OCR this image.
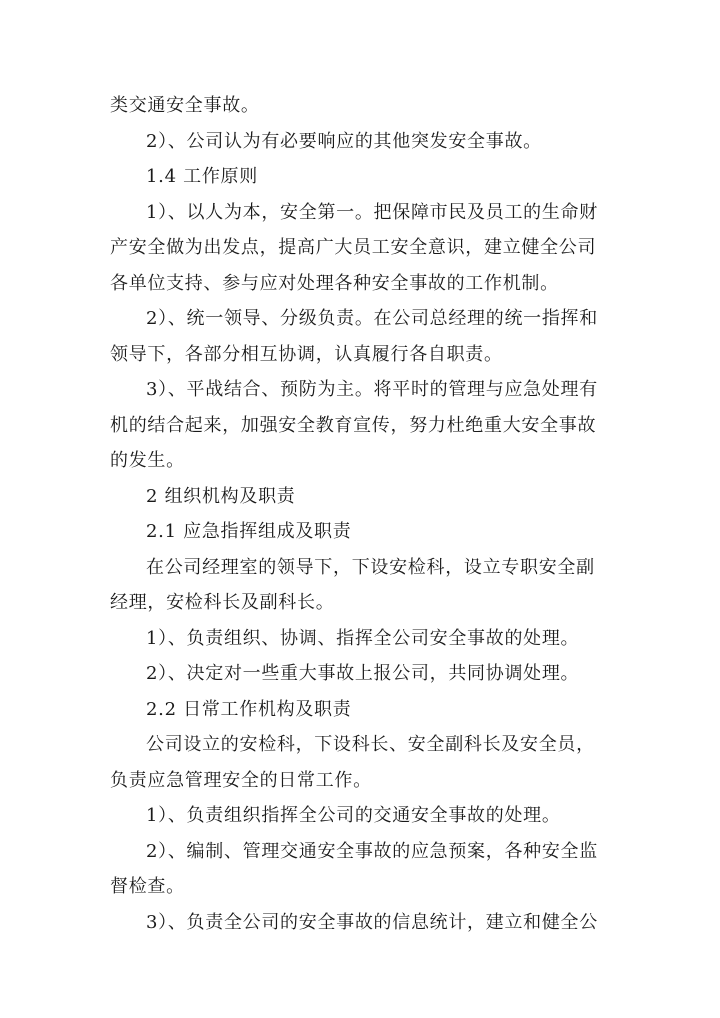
类交通安全事故。

2）、公司认为有必要响应的其他突发安全事故。

1.4 工作原则

1）、以人为本，安全第一。把保障市民及员工的生命财

产安全做为出发点，提高广大员工安全意识，建立健全公司

各单位支持、参与应对处理各种安全事故的工作机制。

2）、统一领导、分级负责。在公司总经理的统一指挥和

领导下，各部分相互协调，认真履行各自职责。

3）、平战结合、预防为主。将平时的管理与应急处理有

机的结合起来，加强安全教育宣传，努力杜绝重大安全事故

的发生。

2 组织机构及职责

2.1 应急指挥组成及职责

在公司经理室的领导下，下设安检科，设立专职安全副

经理，安检科长及副科长。

1）、负责组织、协调、指挥全公司安全事故的处理。

2）、决定对一些重大事故上报公司，共同协调处理。

2.2 日常工作机构及职责

公司设立的安检科，下设科长、安全副科长及安全员，

负责应急管理安全的日常工作。

1）、负责组织指挥全公司的交通安全事故的处理。

2）、编制、管理交通安全事故的应急预案，各种安全监

督检查。

3）、负责全公司的安全事故的信息统计，建立和健全公
